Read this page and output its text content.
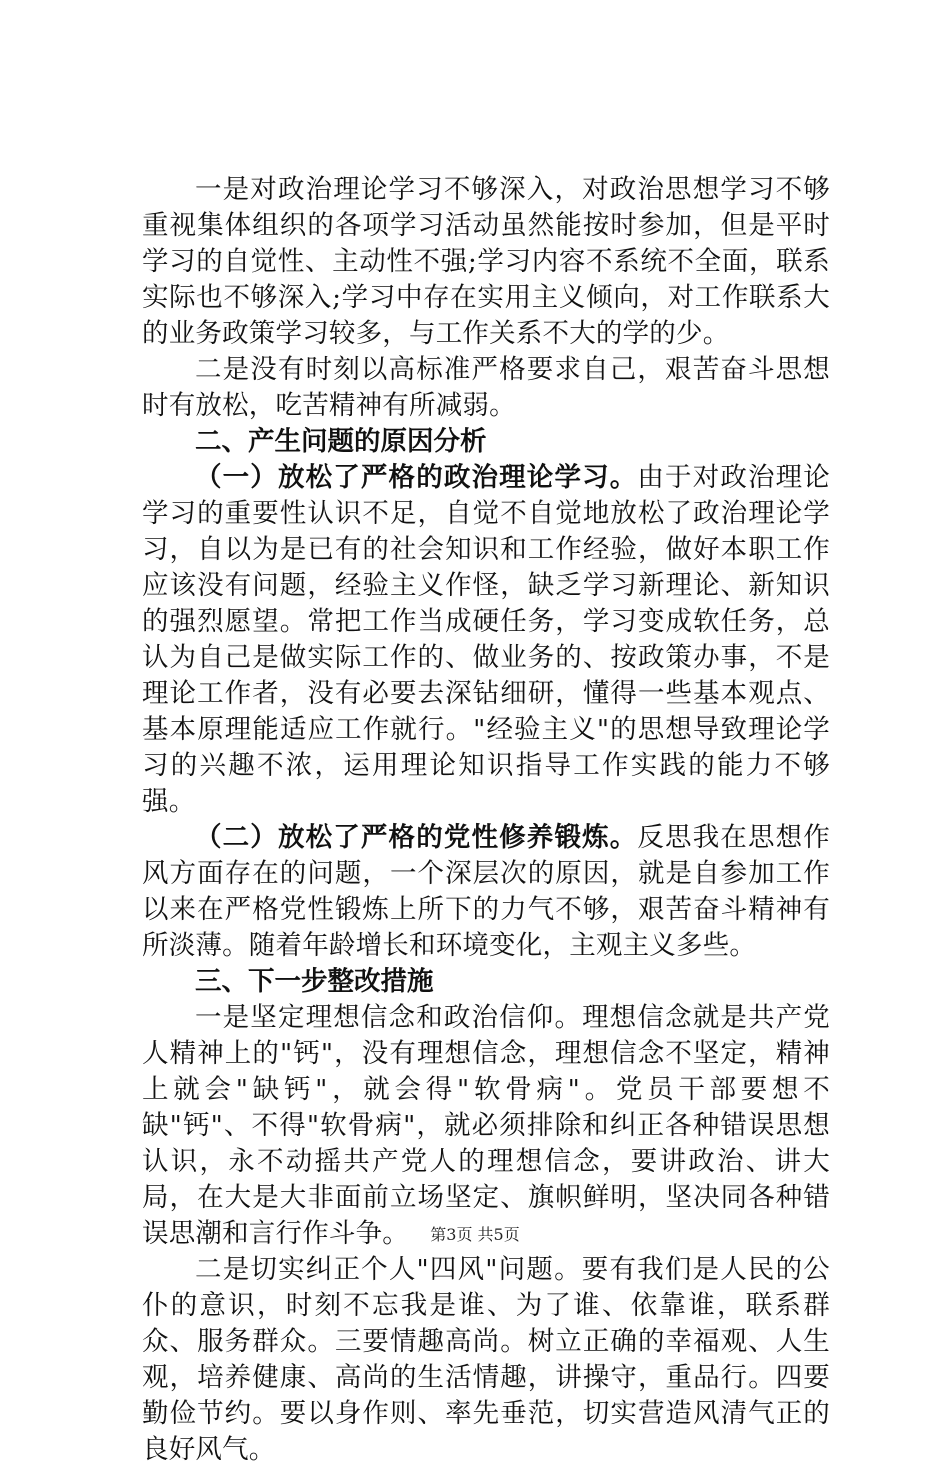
一是对政治理论学习不够深入，对政治思想学习不够重视集体组织的各项学习活动虽然能按时参加，但是平时学习的自觉性、主动性不强;学习内容不系统不全面，联系实际也不够深入;学习中存在实用主义倾向，对工作联系大的业务政策学习较多，与工作关系不大的学的少。

二是没有时刻以高标准严格要求自己，艰苦奋斗思想时有放松，吃苦精神有所减弱。

二、产生问题的原因分析

（一）放松了严格的政治理论学习。由于对政治理论学习的重要性认识不足，自觉不自觉地放松了政治理论学习，自以为是已有的社会知识和工作经验，做好本职工作应该没有问题，经验主义作怪，缺乏学习新理论、新知识的强烈愿望。常把工作当成硬任务，学习变成软任务，总认为自己是做实际工作的、做业务的、按政策办事，不是理论工作者，没有必要去深钻细研，懂得一些基本观点、基本原理能适应工作就行。"经验主义"的思想导致理论学习的兴趣不浓，运用理论知识指导工作实践的能力不够强。

（二）放松了严格的党性修养锻炼。反思我在思想作风方面存在的问题，一个深层次的原因，就是自参加工作以来在严格党性锻炼上所下的力气不够，艰苦奋斗精神有所淡薄。随着年龄增长和环境变化，主观主义多些。

三、下一步整改措施

一是坚定理想信念和政治信仰。理想信念就是共产党人精神上的"钙"，没有理想信念，理想信念不坚定，精神上就会"缺钙"，就会得"软骨病"。党员干部要想不缺"钙"、不得"软骨病"，就必须排除和纠正各种错误思想认识，永不动摇共产党人的理想信念，要讲政治、讲大局，在大是大非面前立场坚定、旗帜鲜明，坚决同各种错误思潮和言行作斗争。

二是切实纠正个人"四风"问题。要有我们是人民的公仆的意识，时刻不忘我是谁、为了谁、依靠谁，联系群众、服务群众。三要情趣高尚。树立正确的幸福观、人生观，培养健康、高尚的生活情趣，讲操守，重品行。四要勤俭节约。要以身作则、率先垂范，切实营造风清气正的良好风气。

第3页 共5页
